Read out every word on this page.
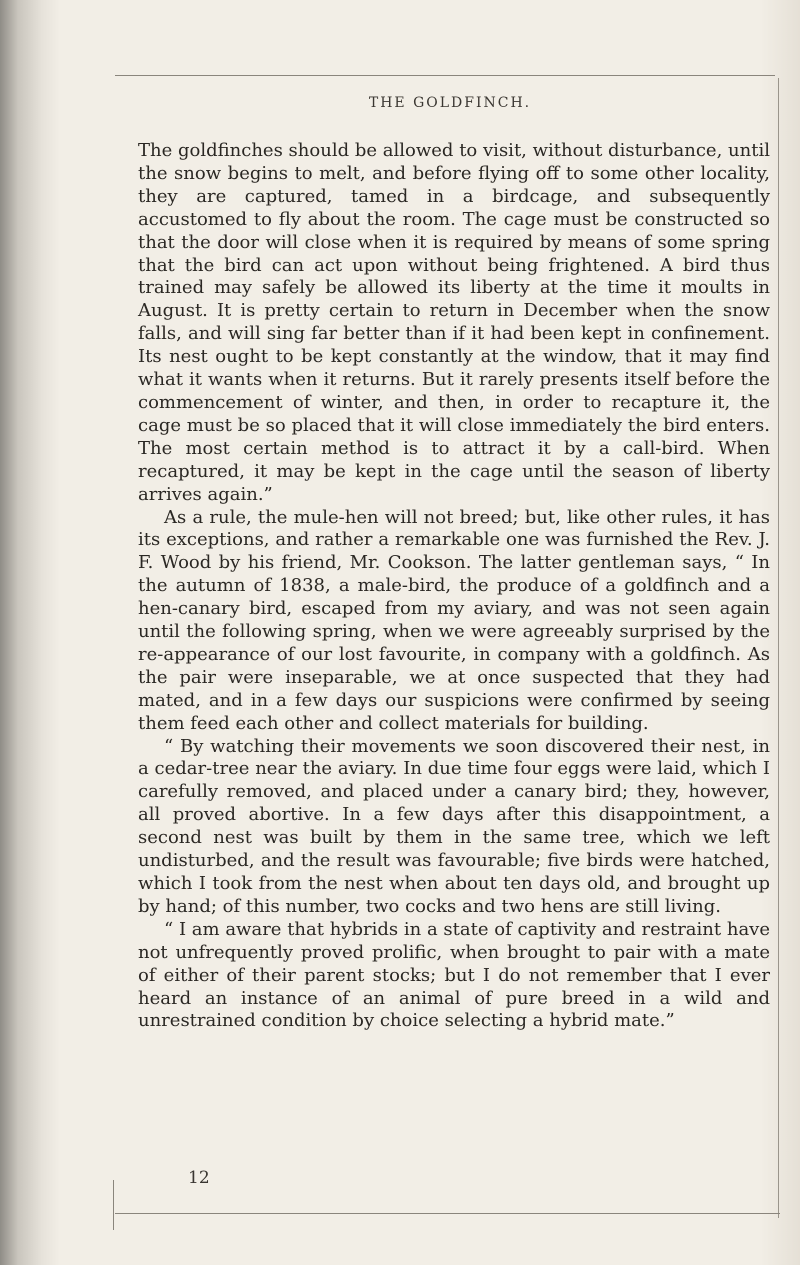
THE GOLDFINCH.

The goldfinches should be allowed to visit, without disturbance, until the snow begins to melt, and before flying off to some other locality, they are captured, tamed in a birdcage, and subsequently accustomed to fly about the room. The cage must be constructed so that the door will close when it is required by means of some spring that the bird can act upon without being frightened. A bird thus trained may safely be allowed its liberty at the time it moults in August. It is pretty certain to return in December when the snow falls, and will sing far better than if it had been kept in confinement. Its nest ought to be kept constantly at the window, that it may find what it wants when it returns. But it rarely presents itself before the commencement of winter, and then, in order to recapture it, the cage must be so placed that it will close immediately the bird enters. The most certain method is to attract it by a call-bird. When recaptured, it may be kept in the cage until the season of liberty arrives again.”

As a rule, the mule-hen will not breed; but, like other rules, it has its exceptions, and rather a remarkable one was furnished the Rev. J. F. Wood by his friend, Mr. Cookson. The latter gentleman says, “ In the autumn of 1838, a male-bird, the produce of a goldfinch and a hen-canary bird, escaped from my aviary, and was not seen again until the following spring, when we were agreeably surprised by the re-appearance of our lost favourite, in company with a goldfinch. As the pair were inseparable, we at once suspected that they had mated, and in a few days our suspicions were confirmed by seeing them feed each other and collect materials for building.

“ By watching their movements we soon discovered their nest, in a cedar-tree near the aviary. In due time four eggs were laid, which I carefully removed, and placed under a canary bird; they, however, all proved abortive. In a few days after this disappointment, a second nest was built by them in the same tree, which we left undisturbed, and the result was favourable; five birds were hatched, which I took from the nest when about ten days old, and brought up by hand; of this number, two cocks and two hens are still living.

“ I am aware that hybrids in a state of captivity and restraint have not unfrequently proved prolific, when brought to pair with a mate of either of their parent stocks; but I do not remember that I ever heard an instance of an animal of pure breed in a wild and unrestrained condition by choice selecting a hybrid mate.”

12
